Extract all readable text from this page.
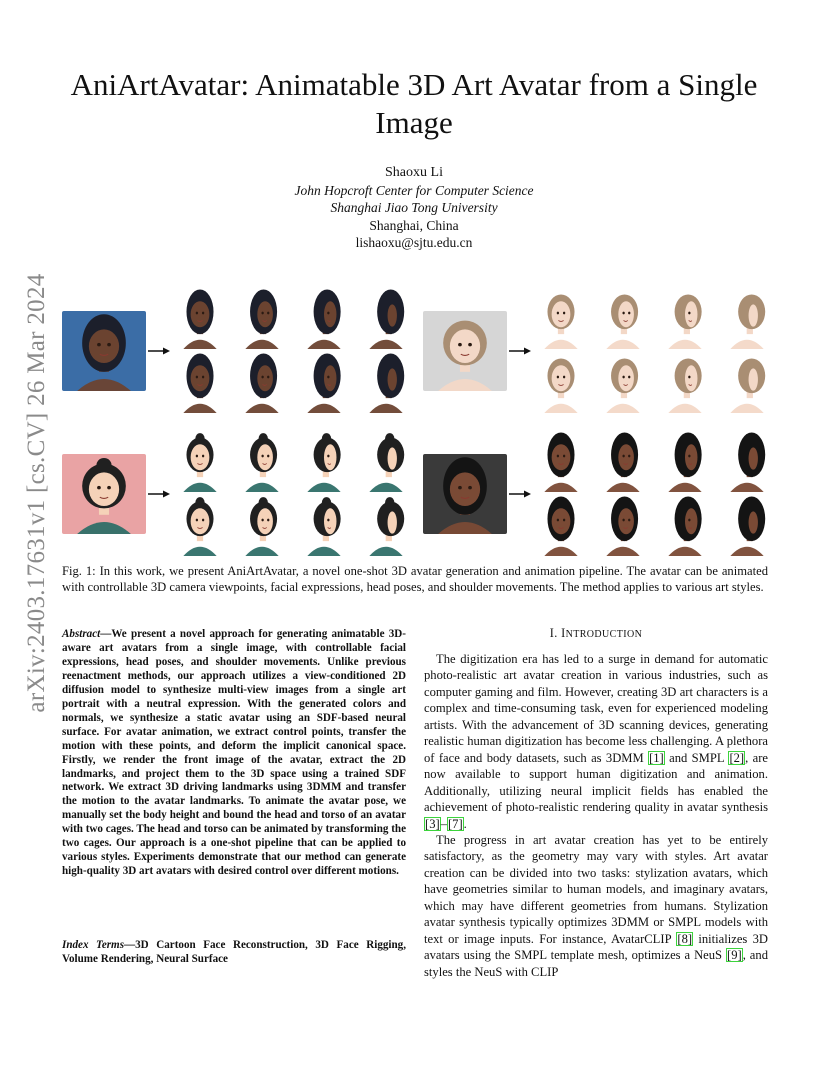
arXiv:2403.17631v1 [cs.CV] 26 Mar 2024
AniArtAvatar: Animatable 3D Art Avatar from a Single Image
Shaoxu Li
John Hopcroft Center for Computer Science
Shanghai Jiao Tong University
Shanghai, China
lishaoxu@sjtu.edu.cn
Fig. 1: In this work, we present AniArtAvatar, a novel one-shot 3D avatar generation and animation pipeline. The avatar can be animated with controllable 3D camera viewpoints, facial expressions, head poses, and shoulder movements. The method applies to various art styles.
Abstract—We present a novel approach for generating animatable 3D-aware art avatars from a single image, with controllable facial expressions, head poses, and shoulder movements. Unlike previous reenactment methods, our approach utilizes a view-conditioned 2D diffusion model to synthesize multi-view images from a single art portrait with a neutral expression. With the generated colors and normals, we synthesize a static avatar using an SDF-based neural surface. For avatar animation, we extract control points, transfer the motion with these points, and deform the implicit canonical space. Firstly, we render the front image of the avatar, extract the 2D landmarks, and project them to the 3D space using a trained SDF network. We extract 3D driving landmarks using 3DMM and transfer the motion to the avatar landmarks. To animate the avatar pose, we manually set the body height and bound the head and torso of an avatar with two cages. The head and torso can be animated by transforming the two cages. Our approach is a one-shot pipeline that can be applied to various styles. Experiments demonstrate that our method can generate high-quality 3D art avatars with desired control over different motions.
Index Terms—3D Cartoon Face Reconstruction, 3D Face Rigging, Volume Rendering, Neural Surface
I. INTRODUCTION

The digitization era has led to a surge in demand for automatic photo-realistic art avatar creation in various industries, such as computer gaming and film. However, creating 3D art characters is a complex and time-consuming task, even for experienced modeling artists. With the advancement of 3D scanning devices, generating realistic human digitization has become less challenging. A plethora of face and body datasets, such as 3DMM [1] and SMPL [2], are now available to support human digitization and animation. Additionally, utilizing neural implicit fields has enabled the achievement of photo-realistic rendering quality in avatar synthesis [3]–[7].

The progress in art avatar creation has yet to be entirely satisfactory, as the geometry may vary with styles. Art avatar creation can be divided into two tasks: stylization avatars, which have geometries similar to human models, and imaginary avatars, which may have different geometries from humans. Stylization avatar synthesis typically optimizes 3DMM or SMPL models with text or image inputs. For instance, AvatarCLIP [8] initializes 3D avatars using the SMPL template mesh, optimizes a NeuS [9], and styles the NeuS with CLIP
